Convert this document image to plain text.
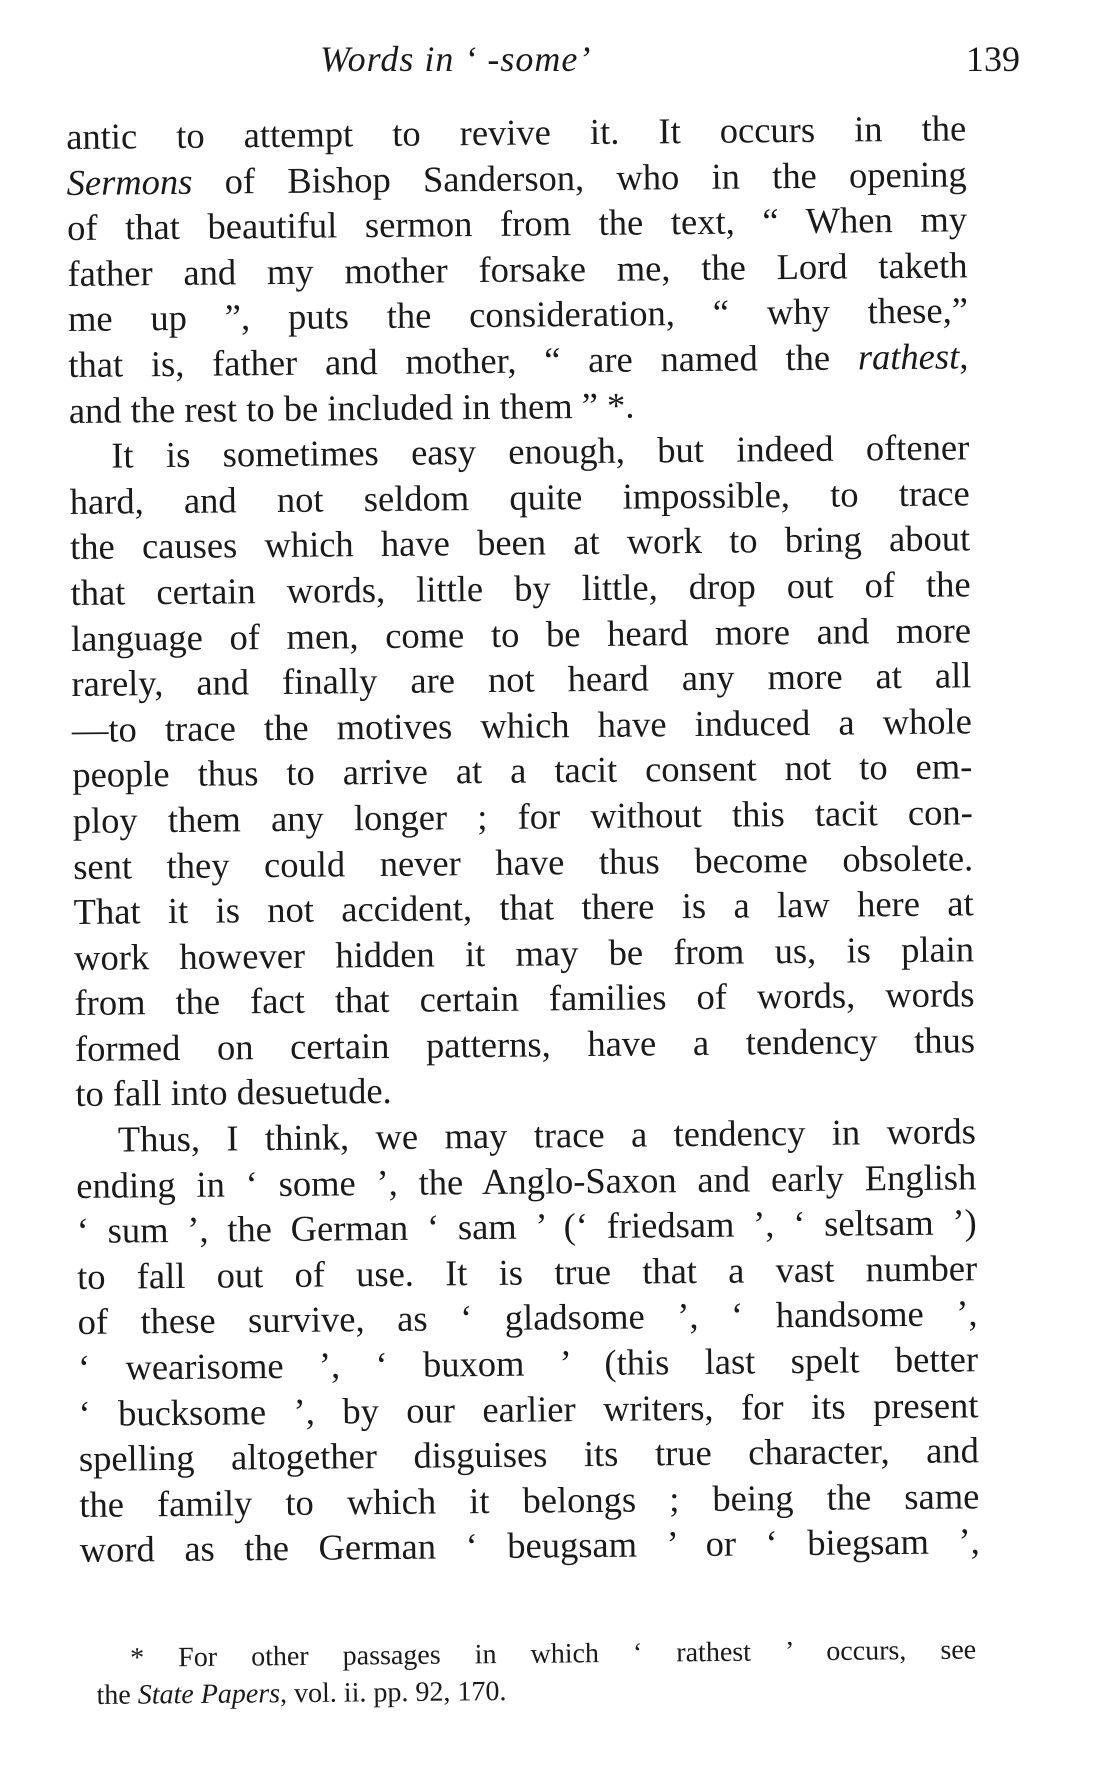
Words in ‘ -some’	139
antic to attempt to revive it. It occurs in the
Sermons of Bishop Sanderson, who in the opening
of that beautiful sermon from the text, “ When my
father and my mother forsake me, the Lord taketh
me up ”, puts the consideration, “ why these,”
that is, father and mother, “ are named the rathest,
and the rest to be included in them ” *.
It is sometimes easy enough, but indeed oftener
hard, and not seldom quite impossible, to trace
the causes which have been at work to bring about
that certain words, little by little, drop out of the
language of men, come to be heard more and more
rarely, and finally are not heard any more at all
—to trace the motives which have induced a whole
people thus to arrive at a tacit consent not to em-
ploy them any longer ; for without this tacit con-
sent they could never have thus become obsolete.
That it is not accident, that there is a law here at
work however hidden it may be from us, is plain
from the fact that certain families of words, words
formed on certain patterns, have a tendency thus
to fall into desuetude.
Thus, I think, we may trace a tendency in words
ending in ‘ some ’, the Anglo-Saxon and early English
‘ sum ’, the German ‘ sam ’ (‘ friedsam ’, ‘ seltsam ’)
to fall out of use. It is true that a vast number
of these survive, as ‘ gladsome ’, ‘ handsome ’,
‘ wearisome ’, ‘ buxom ’ (this last spelt better
‘ bucksome ’, by our earlier writers, for its present
spelling altogether disguises its true character, and
the family to which it belongs ; being the same
word as the German ‘ beugsam ’ or ‘ biegsam ’,
* For other passages in which ‘ rathest ’ occurs, see
the State Papers, vol. ii. pp. 92, 170.
